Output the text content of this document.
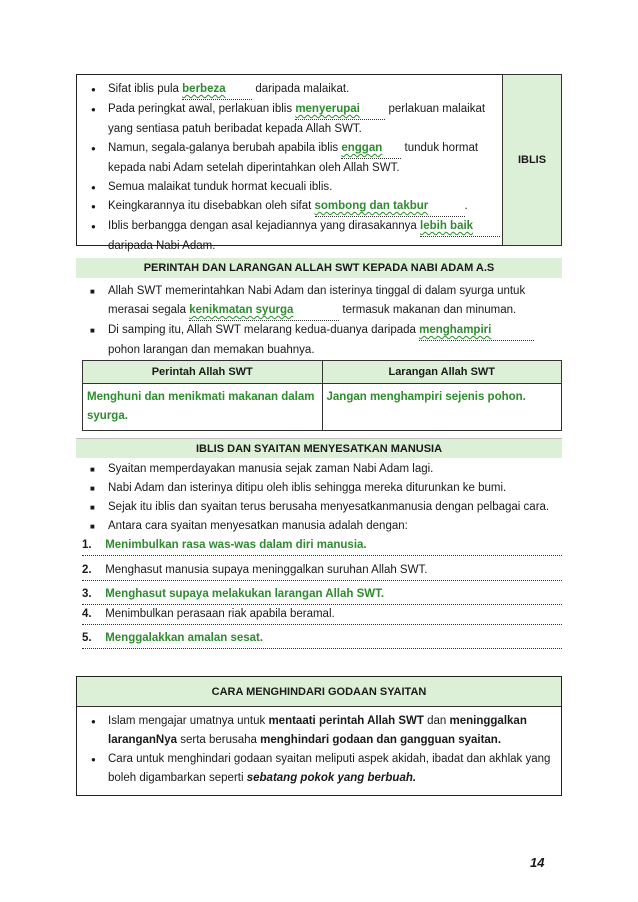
● Sifat iblis pula berbeza daripada malaikat.
● Pada peringkat awal, perlakuan iblis menyerupai perlakuan malaikat yang sentiasa patuh beribadat kepada Allah SWT.
● Namun, segala-galanya berubah apabila iblis enggan tunduk hormat kepada nabi Adam setelah diperintahkan oleh Allah SWT.
● Semua malaikat tunduk hormat kecuali iblis.
● Keingkarannya itu disebabkan oleh sifat sombong dan takbur	.
● Iblis berbangga dengan asal kejadiannya yang dirasakannya lebih baik daripada Nabi Adam.
IBLIS
PERINTAH DAN LARANGAN ALLAH SWT KEPADA NABI ADAM A.S
■ Allah SWT memerintahkan Nabi Adam dan isterinya tinggal di dalam syurga untuk merasai segala kenikmatan syurga	termasuk makanan dan minuman.
■ Di samping itu, Allah SWT melarang kedua-duanya daripada menghampiri pohon larangan dan memakan buahnya.
Perintah Allah SWT	Larangan Allah SWT
Menghuni dan menikmati makanan dalam syurga.	Jangan menghampiri sejenis pohon.
IBLIS DAN SYAITAN MENYESATKAN MANUSIA
■ Syaitan memperdayakan manusia sejak zaman Nabi Adam lagi.
■ Nabi Adam dan isterinya ditipu oleh iblis sehingga mereka diturunkan ke bumi.
■ Sejak itu iblis dan syaitan terus berusaha menyesatkanmanusia dengan pelbagai cara.
■ Antara cara syaitan menyesatkan manusia adalah dengan:
1. Menimbulkan rasa was-was dalam diri manusia.
2. Menghasut manusia supaya meninggalkan suruhan Allah SWT.
3. Menghasut supaya melakukan larangan Allah SWT.
4. Menimbulkan perasaan riak apabila beramal.
5. Menggalakkan amalan sesat.
CARA MENGHINDARI GODAAN SYAITAN
● Islam mengajar umatnya untuk mentaati perintah Allah SWT dan meninggalkan laranganNya serta berusaha menghindari godaan dan gangguan syaitan.
● Cara untuk menghindari godaan syaitan meliputi aspek akidah, ibadat dan akhlak yang boleh digambarkan seperti sebatang pokok yang berbuah.
14
